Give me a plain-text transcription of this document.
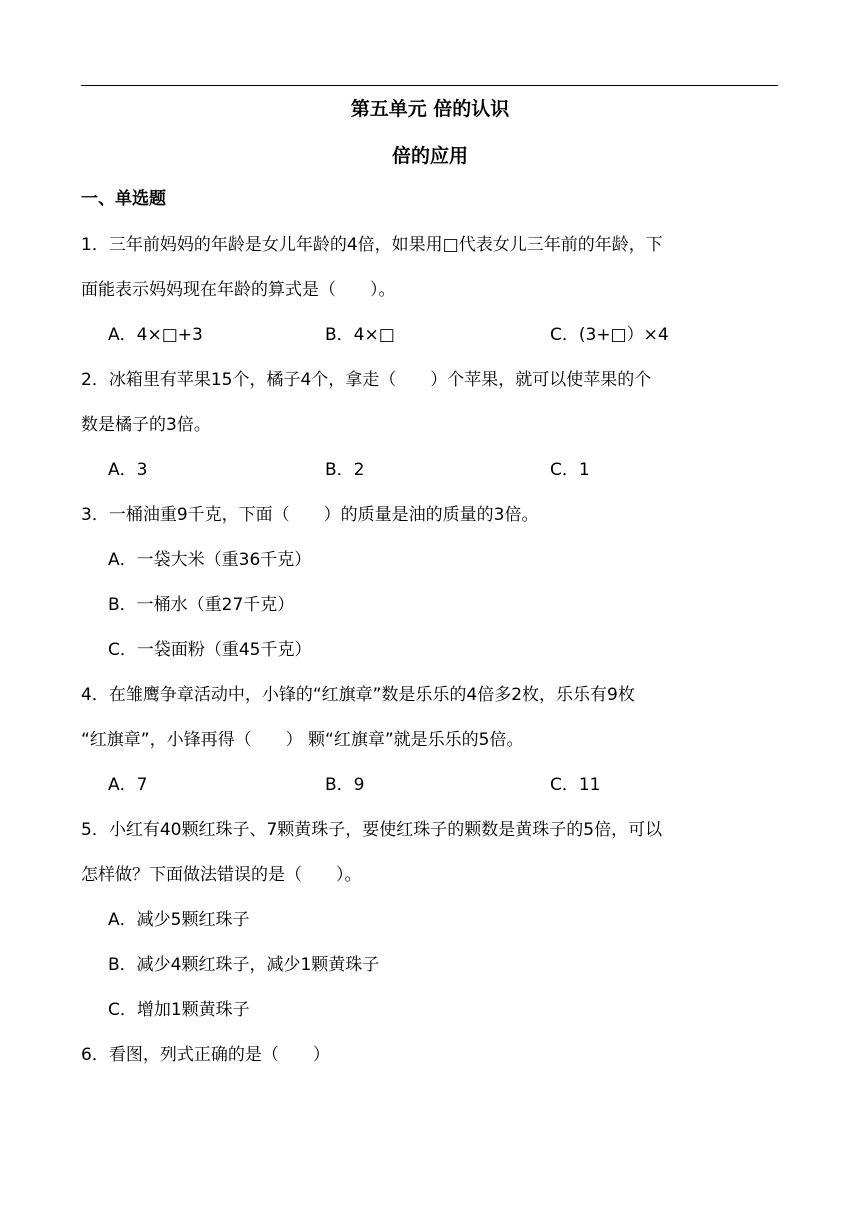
第五单元 倍的认识
倍的应用
一、单选题
1．三年前妈妈的年龄是女儿年龄的4倍，如果用□代表女儿三年前的年龄，下
面能表示妈妈现在年龄的算式是（　　）。
A．4×□+3	B．4×□	C．(3+□）×4
2．冰箱里有苹果15个，橘子4个，拿走（　　）个苹果，就可以使苹果的个
数是橘子的3倍。
A．3	B．2	C．1
3．一桶油重9千克，下面（　　）的质量是油的质量的3倍。
A．一袋大米（重36千克）
B．一桶水（重27千克）
C．一袋面粉（重45千克）
4．在雏鹰争章活动中，小锋的“红旗章”数是乐乐的4倍多2枚，乐乐有9枚
“红旗章”，小锋再得（　　） 颗“红旗章”就是乐乐的5倍。
A．7	B．9	C．11
5．小红有40颗红珠子、7颗黄珠子，要使红珠子的颗数是黄珠子的5倍，可以
怎样做？下面做法错误的是（　　）。
A．减少5颗红珠子
B．减少4颗红珠子，减少1颗黄珠子
C．增加1颗黄珠子
6．看图，列式正确的是（　　）
